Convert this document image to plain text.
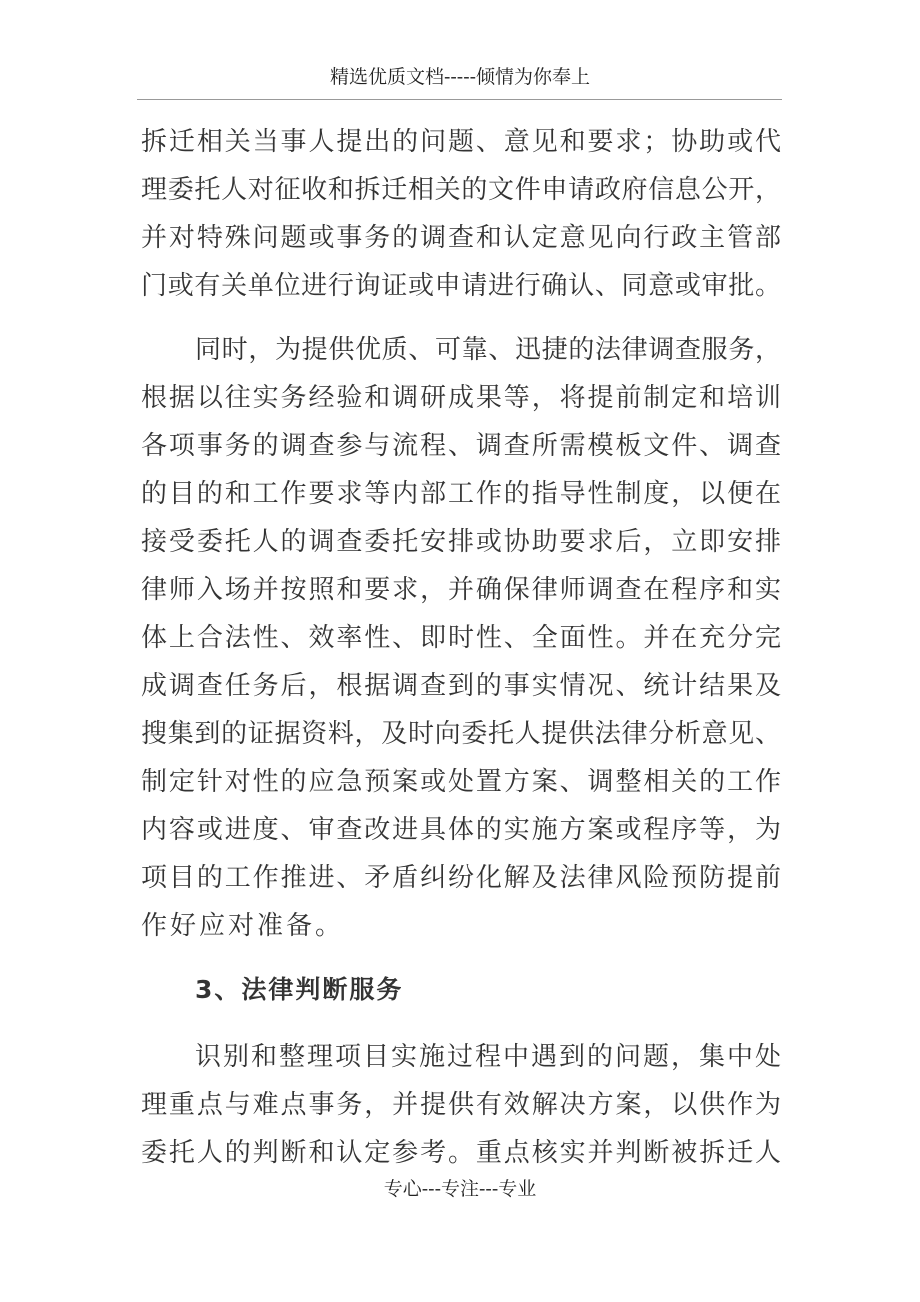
精选优质文档-----倾情为你奉上
拆迁相关当事人提出的问题、意见和要求；协助或代
理委托人对征收和拆迁相关的文件申请政府信息公开，
并对特殊问题或事务的调查和认定意见向行政主管部
门或有关单位进行询证或申请进行确认、同意或审批。
同时，为提供优质、可靠、迅捷的法律调查服务，
根据以往实务经验和调研成果等，将提前制定和培训
各项事务的调查参与流程、调查所需模板文件、调查
的目的和工作要求等内部工作的指导性制度，以便在
接受委托人的调查委托安排或协助要求后，立即安排
律师入场并按照和要求，并确保律师调查在程序和实
体上合法性、效率性、即时性、全面性。并在充分完
成调查任务后，根据调查到的事实情况、统计结果及
搜集到的证据资料，及时向委托人提供法律分析意见、
制定针对性的应急预案或处置方案、调整相关的工作
内容或进度、审查改进具体的实施方案或程序等，为
项目的工作推进、矛盾纠纷化解及法律风险预防提前
作好应对准备。
3、法律判断服务
识别和整理项目实施过程中遇到的问题，集中处
理重点与难点事务，并提供有效解决方案，以供作为
委托人的判断和认定参考。重点核实并判断被拆迁人
专心---专注---专业
